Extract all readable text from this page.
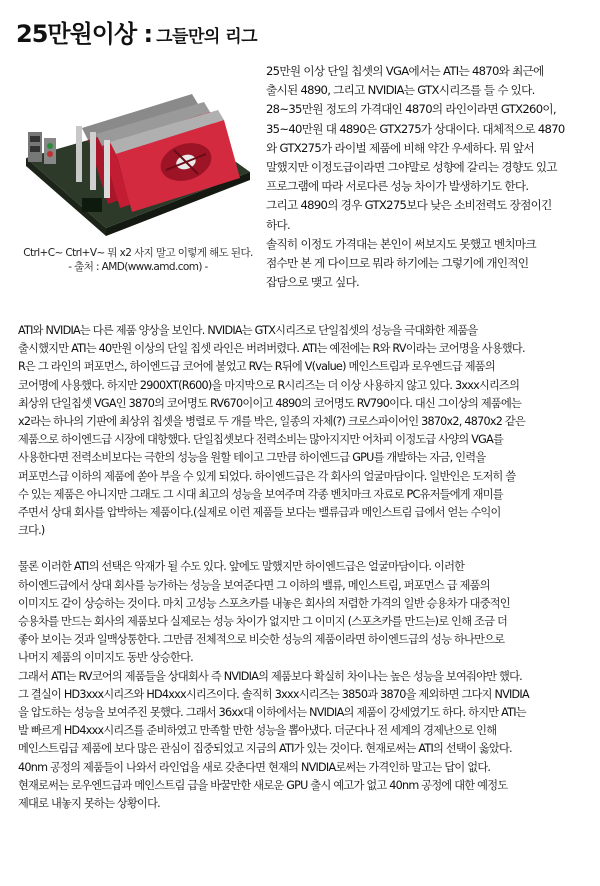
25만원이상 : 그들만의 리그
Ctrl+C~ Ctrl+V~ 뭐 x2 사지 말고 이렇게 해도 된다.
- 출처 : AMD(www.amd.com) -

25만원 이상 단일 칩셋의 VGA에서는 ATI는 4870와 최근에

출시된 4890, 그리고 NVIDIA는 GTX시리즈를 들 수 있다.

28~35만원 정도의 가격대인 4870의 라인이라면 GTX260이,

35~40만원 대 4890은 GTX275가 상대이다. 대체적으로 4870

와 GTX275가 라이벌 제품에 비해 약간 우세하다. 뭐 앞서

말했지만 이정도급이라면 그야말로 성향에 갈리는 경향도 있고

프로그램에 따라 서로다른 성능 차이가 발생하기도 한다.

그리고 4890의 경우 GTX275보다 낮은 소비전력도 장점이긴

하다.

솔직히 이정도 가격대는 본인이 써보지도 못했고 벤치마크

점수만 본 게 다이므로 뭐라 하기에는 그렇기에 개인적인

잡담으로 맺고 싶다.

ATI와 NVIDIA는 다른 제품 양상을 보인다. NVIDIA는 GTX시리즈로 단일칩셋의 성능을 극대화한 제품을

출시했지만 ATI는 40만원 이상의 단일 칩셋 라인은 버려버렸다. ATI는 예전에는 R와 RV이라는 코어명을 사용했다.

R은 그 라인의 퍼포먼스, 하이엔드급 코어에 붙었고 RV는 R뒤에 V(value) 메인스트림과 로우엔드급 제품의

코어명에 사용했다. 하지만 2900XT(R600)을 마지막으로 R시리즈는 더 이상 사용하지 않고 있다. 3xxx시리즈의

최상위 단일칩셋 VGA인 3870의 코어명도 RV670이이고 4890의 코어명도 RV790이다. 대신 그이상의 제품에는

x2라는 하나의 기판에 최상위 칩셋을 병렬로 두 개를 박은, 일종의 자체(?) 크로스파이어인 3870x2, 4870x2 같은

제품으로 하이엔드급 시장에 대항했다. 단일칩셋보다 전력소비는 많아지지만 어차피 이정도급 사양의 VGA를

사용한다면 전력소비보다는 극한의 성능을 원할 테이고 그만큼 하이엔드급 GPU를 개발하는 자금, 인력을

퍼포먼스급 이하의 제품에 쏟아 부을 수 있게 되었다. 하이엔드급은 각 회사의 얼굴마담이다. 일반인은 도저히 쓸

수 있는 제품은 아니지만 그래도 그 시대 최고의 성능을 보여주며 각종 벤치마크 자료로 PC유저들에게 재미를

주면서 상대 회사를 압박하는 제품이다.(실제로 이런 제품들 보다는 밸류급과 메인스트림 급에서 얻는 수익이

크다.)

물론 이러한 ATI의 선택은 악재가 될 수도 있다. 앞에도 말했지만 하이엔드급은 얼굴마담이다. 이러한

하이엔드급에서 상대 회사를 능가하는 성능을 보여준다면 그 이하의 밸류, 메인스트림, 퍼포먼스 급 제품의

이미지도 같이 상승하는 것이다. 마치 고성능 스포츠카를 내놓은 회사의 저렴한 가격의 일반 승용차가 대중적인

승용차를 만드는 회사의 제품보다 실제로는 성능 차이가 없지만 그 이미지 (스포츠카를 만드는)로 인해 조금 더

좋아 보이는 것과 일맥상통한다. 그만큼 전체적으로 비슷한 성능의 제품이라면 하이엔드급의 성능 하나만으로

나머지 제품의 이미지도 동반 상승한다.

그래서 ATI는 RV코어의 제품들을 상대회사 즉 NVIDIA의 제품보다 확실히 차이나는 높은 성능을 보여줘야만 했다.

그 결실이 HD3xxx시리즈와 HD4xxx시리즈이다. 솔직히 3xxx시리즈는 3850과 3870을 제외하면 그다지 NVIDIA

을 압도하는 성능을 보여주진 못했다. 그래서 36xx대 이하에서는 NVIDIA의 제품이 강세였기도 하다. 하지만 ATI는

발 빠르게 HD4xxx시리즈를 준비하였고 만족할 만한 성능을 뽑아냈다. 더군다나 전 세계의 경제난으로 인해

메인스트림급 제품에 보다 많은 관심이 집중되었고 지금의 ATI가 있는 것이다. 현재로써는 ATI의 선택이 옳았다.

40nm 공정의 제품들이 나와서 라인업을 새로 갖춘다면 현재의 NVIDIA로써는 가격인하 말고는 답이 없다.

현재로써는 로우엔드급과 메인스트림 급을 바꿀만한 새로운 GPU 출시 예고가 없고 40nm 공정에 대한 예정도

제대로 내놓지 못하는 상황이다.
